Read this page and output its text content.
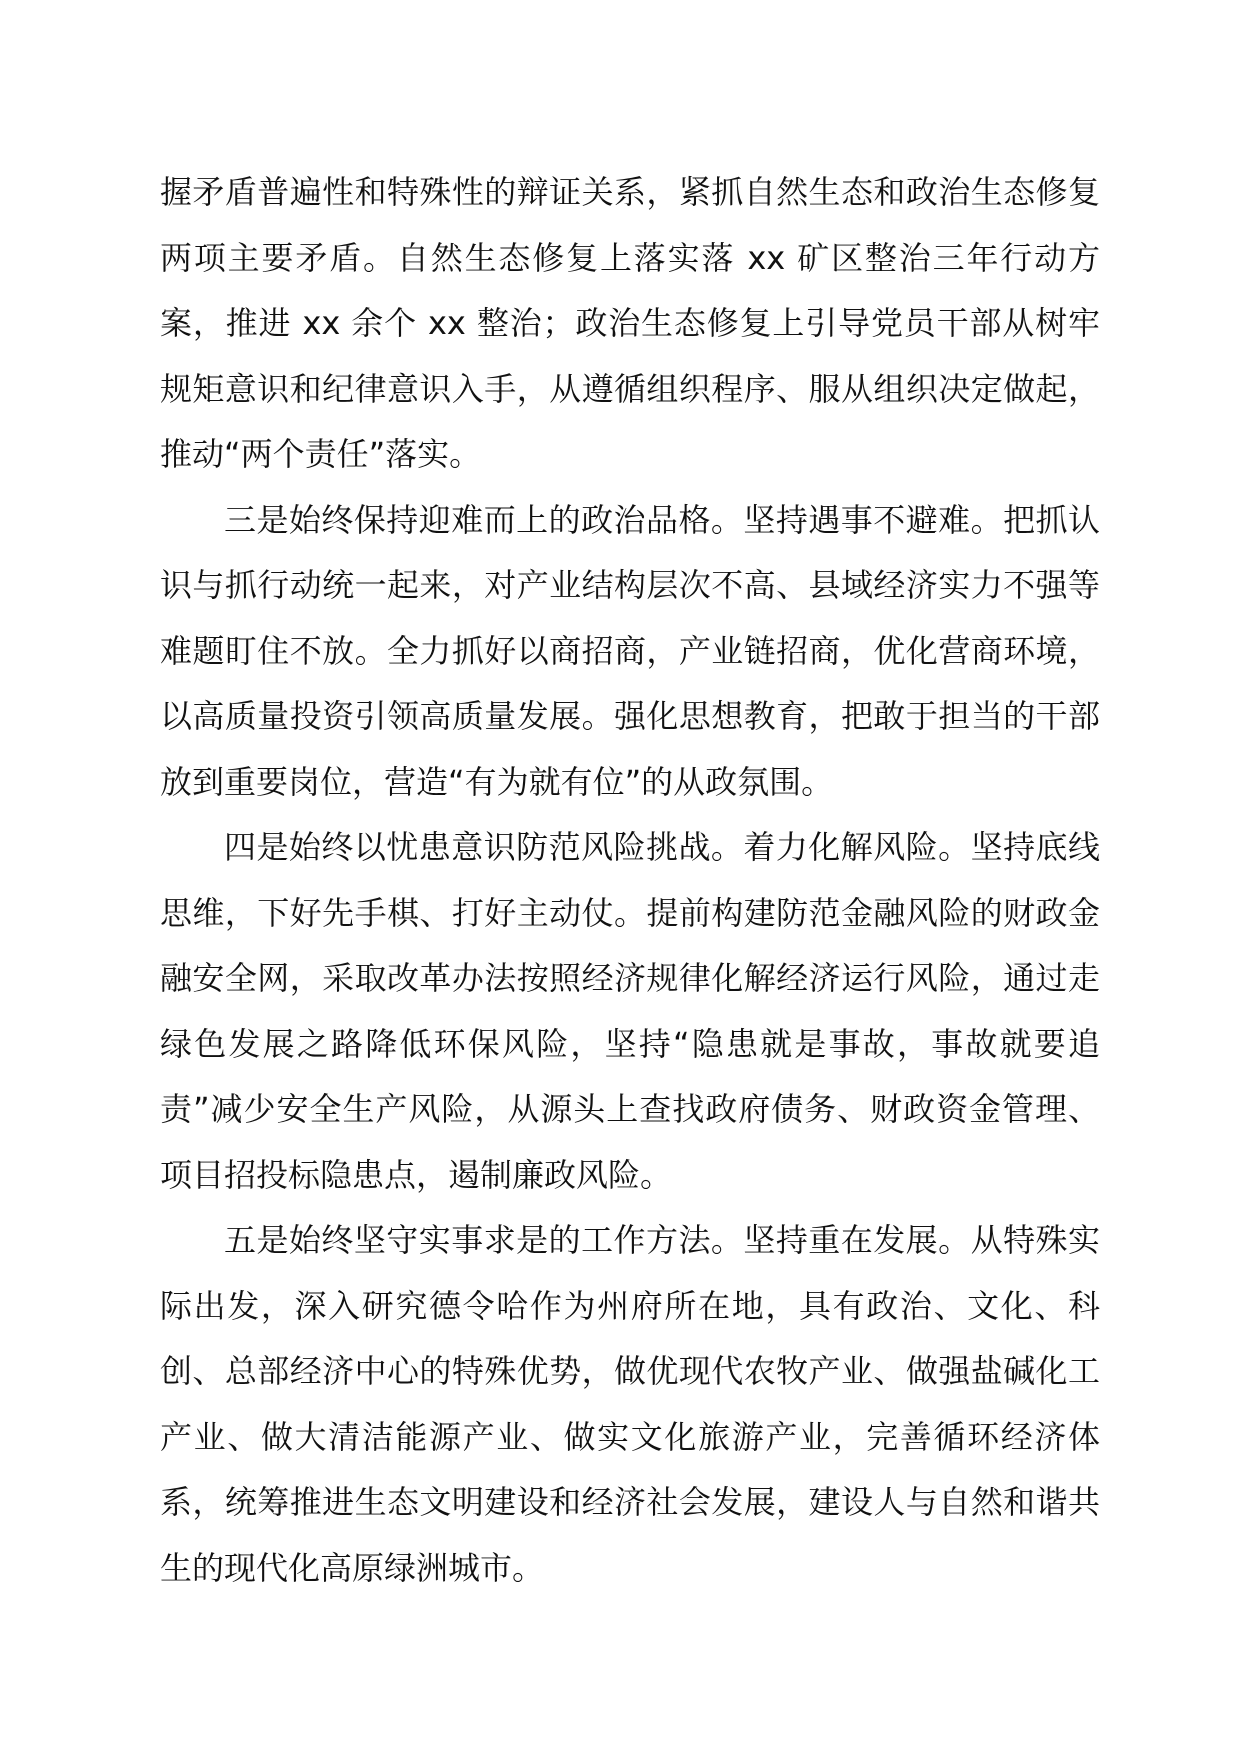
握矛盾普遍性和特殊性的辩证关系，紧抓自然生态和政治生态修复两项主要矛盾。自然生态修复上落实落 xx 矿区整治三年行动方案，推进 xx 余个 xx 整治；政治生态修复上引导党员干部从树牢规矩意识和纪律意识入手，从遵循组织程序、服从组织决定做起，推动“两个责任”落实。

三是始终保持迎难而上的政治品格。坚持遇事不避难。把抓认识与抓行动统一起来，对产业结构层次不高、县域经济实力不强等难题盯住不放。全力抓好以商招商，产业链招商，优化营商环境，以高质量投资引领高质量发展。强化思想教育，把敢于担当的干部放到重要岗位，营造“有为就有位”的从政氛围。

四是始终以忧患意识防范风险挑战。着力化解风险。坚持底线思维，下好先手棋、打好主动仗。提前构建防范金融风险的财政金融安全网，采取改革办法按照经济规律化解经济运行风险，通过走绿色发展之路降低环保风险，坚持“隐患就是事故，事故就要追责”减少安全生产风险，从源头上查找政府债务、财政资金管理、项目招投标隐患点，遏制廉政风险。

五是始终坚守实事求是的工作方法。坚持重在发展。从特殊实际出发，深入研究德令哈作为州府所在地，具有政治、文化、科创、总部经济中心的特殊优势，做优现代农牧产业、做强盐碱化工产业、做大清洁能源产业、做实文化旅游产业，完善循环经济体系，统筹推进生态文明建设和经济社会发展，建设人与自然和谐共生的现代化高原绿洲城市。
